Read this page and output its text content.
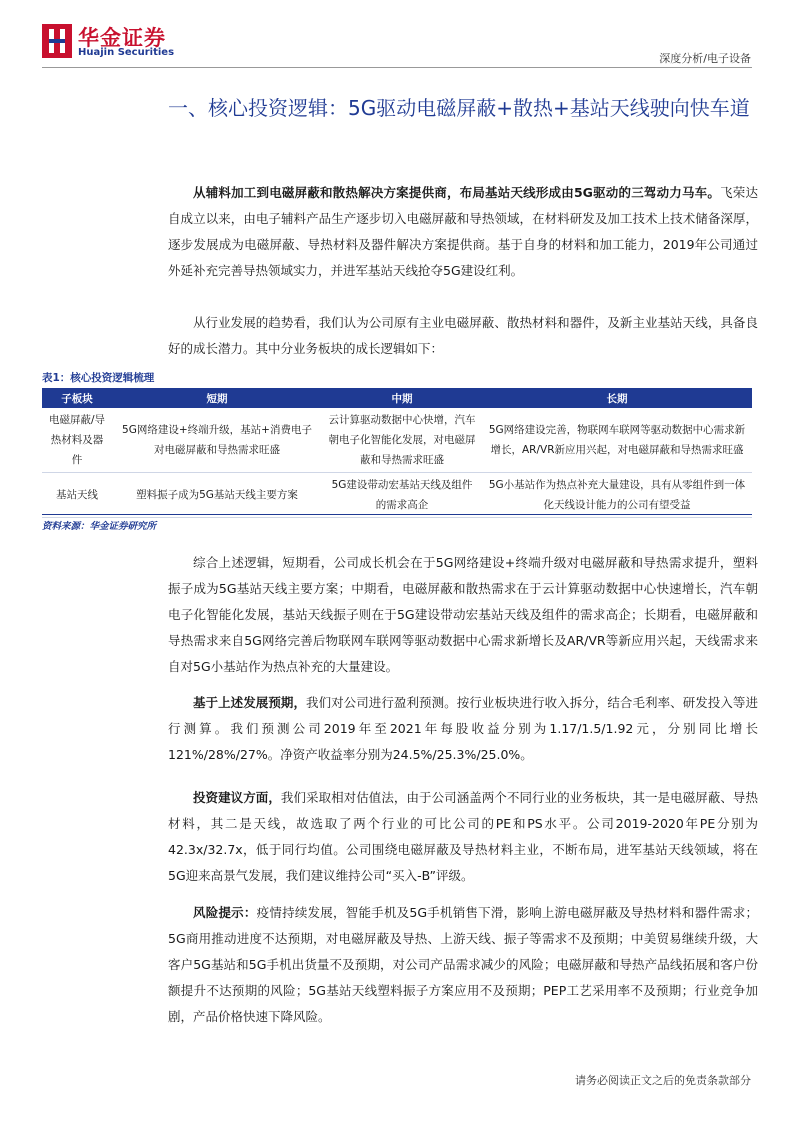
华金证券
Huajin Securities	深度分析/电子设备
一、核心投资逻辑：5G驱动电磁屏蔽+散热+基站天线驶向快车道
从辅料加工到电磁屏蔽和散热解决方案提供商，布局基站天线形成由5G驱动的三驾动力马车。飞荣达自成立以来，由电子辅料产品生产逐步切入电磁屏蔽和导热领域，在材料研发及加工技术上技术储备深厚，逐步发展成为电磁屏蔽、导热材料及器件解决方案提供商。基于自身的材料和加工能力，2019年公司通过外延补充完善导热领域实力，并进军基站天线抢夺5G建设红利。
从行业发展的趋势看，我们认为公司原有主业电磁屏蔽、散热材料和器件，及新主业基站天线，具备良好的成长潜力。其中分业务板块的成长逻辑如下：
表1：核心投资逻辑梳理
子板块	短期	中期	长期
电磁屏蔽/导热材料及器件	5G网络建设+终端升级，基站+消费电子对电磁屏蔽和导热需求旺盛	云计算驱动数据中心快增，汽车朝电子化智能化发展，对电磁屏蔽和导热需求旺盛	5G网络建设完善，物联网车联网等驱动数据中心需求新增长，AR/VR新应用兴起，对电磁屏蔽和导热需求旺盛
基站天线	塑料振子成为5G基站天线主要方案	5G建设带动宏基站天线及组件的需求高企	5G小基站作为热点补充大量建设，具有从零组件到一体化天线设计能力的公司有望受益
资料来源：华金证券研究所
综合上述逻辑，短期看，公司成长机会在于5G网络建设+终端升级对电磁屏蔽和导热需求提升，塑料振子成为5G基站天线主要方案；中期看，电磁屏蔽和散热需求在于云计算驱动数据中心快速增长，汽车朝电子化智能化发展，基站天线振子则在于5G建设带动宏基站天线及组件的需求高企；长期看，电磁屏蔽和导热需求来自5G网络完善后物联网车联网等驱动数据中心需求新增长及AR/VR等新应用兴起，天线需求来自对5G小基站作为热点补充的大量建设。
基于上述发展预期，我们对公司进行盈利预测。按行业板块进行收入拆分，结合毛利率、研发投入等进行测算。我们预测公司2019年至2021年每股收益分别为1.17/1.5/1.92元，分别同比增长121%/28%/27%。净资产收益率分别为24.5%/25.3%/25.0%。
投资建议方面，我们采取相对估值法，由于公司涵盖两个不同行业的业务板块，其一是电磁屏蔽、导热材料，其二是天线，故选取了两个行业的可比公司的PE和PS水平。公司2019-2020年PE分别为42.3x/32.7x，低于同行均值。公司围绕电磁屏蔽及导热材料主业，不断布局，进军基站天线领域，将在5G迎来高景气发展，我们建议维持公司“买入-B”评级。
风险提示：疫情持续发展，智能手机及5G手机销售下滑，影响上游电磁屏蔽及导热材料和器件需求；5G商用推动进度不达预期，对电磁屏蔽及导热、上游天线、振子等需求不及预期；中美贸易继续升级，大客户5G基站和5G手机出货量不及预期，对公司产品需求减少的风险；电磁屏蔽和导热产品线拓展和客户份额提升不达预期的风险；5G基站天线塑料振子方案应用不及预期；PEP工艺采用率不及预期；行业竞争加剧，产品价格快速下降风险。
请务必阅读正文之后的免责条款部分
